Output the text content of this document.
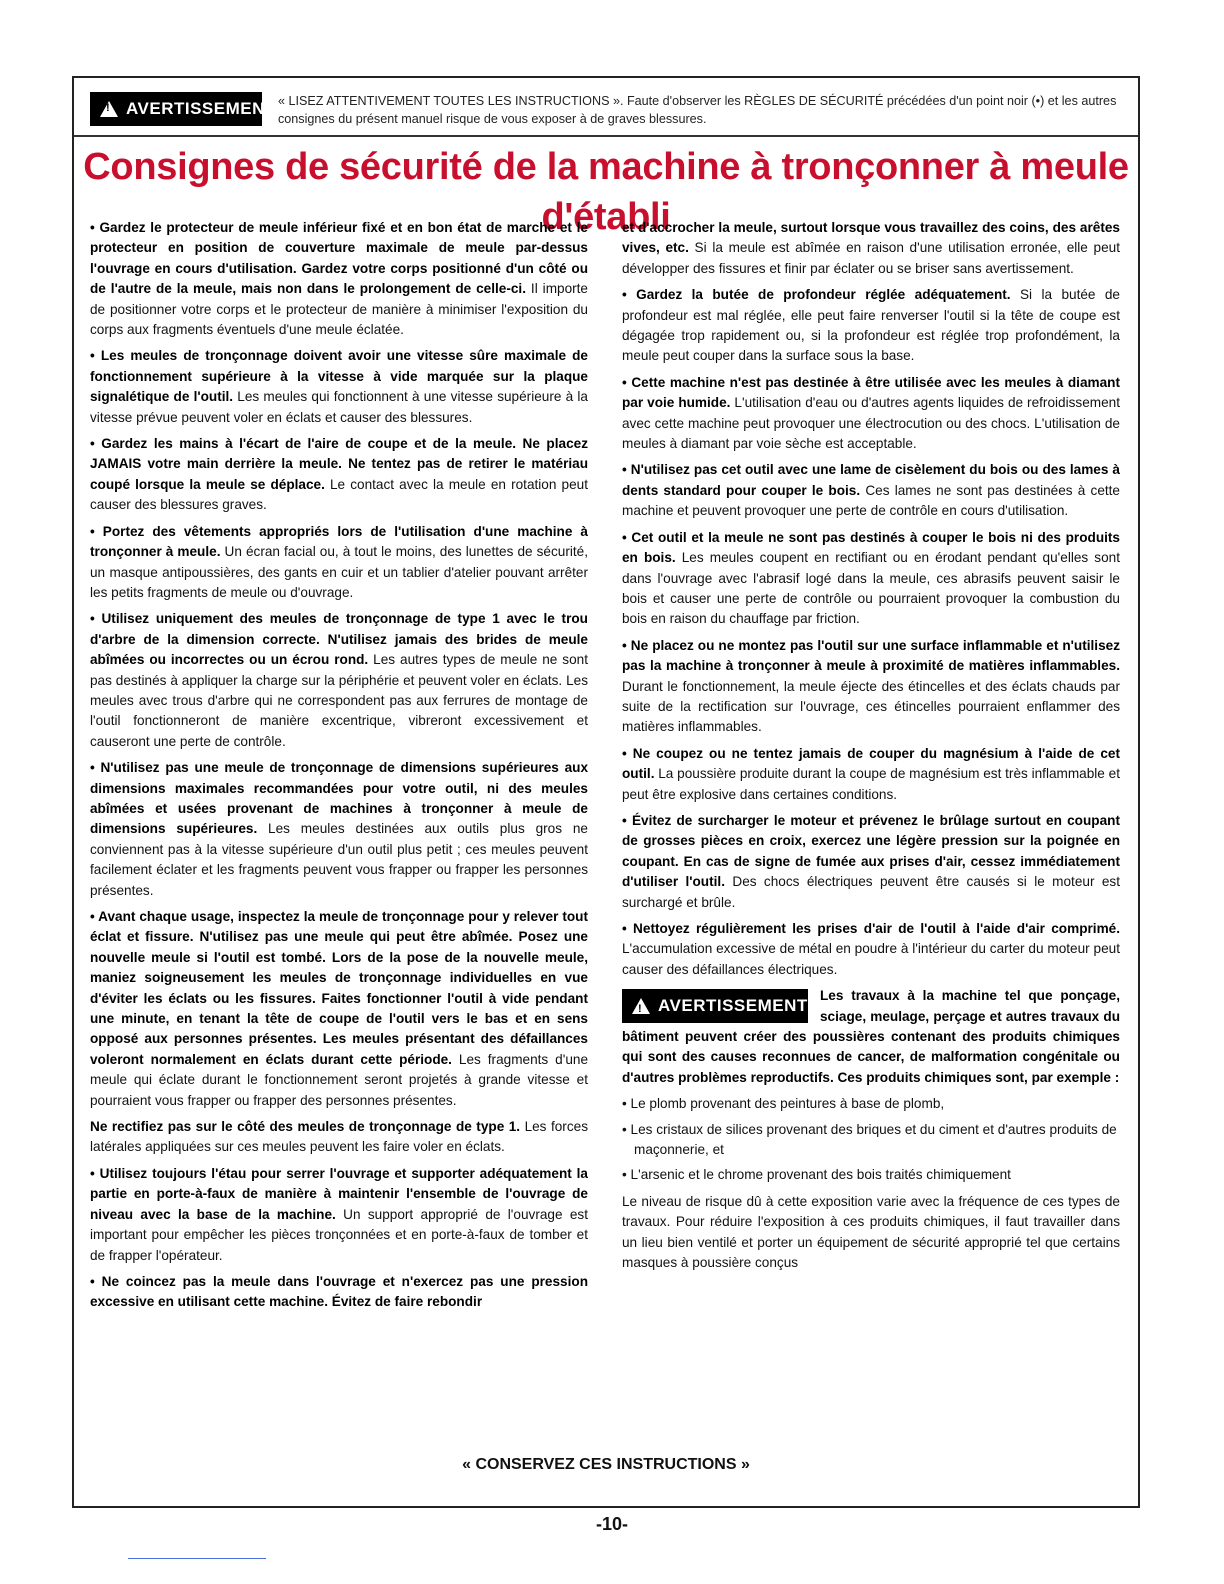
!
AVERTISSEMENT « LISEZ ATTENTIVEMENT TOUTES LES INSTRUCTIONS ». Faute d'observer les RÈGLES DE SÉCURITÉ précédées d'un point noir (•) et les autres consignes du présent manuel risque de vous exposer à de graves blessures.
Consignes de sécurité de la machine à tronçonner à meule d'établi

• Gardez le protecteur de meule inférieur fixé et en bon état de marche et le protecteur en position de couverture maximale de meule par-dessus l'ouvrage en cours d'utilisation. Gardez votre corps positionné d'un côté ou de l'autre de la meule, mais non dans le prolongement de celle-ci. Il importe de positionner votre corps et le protecteur de manière à minimiser l'exposition du corps aux fragments éventuels d'une meule éclatée.

• Les meules de tronçonnage doivent avoir une vitesse sûre maximale de fonctionnement supérieure à la vitesse à vide marquée sur la plaque signalétique de l'outil. Les meules qui fonctionnent à une vitesse supérieure à la vitesse prévue peuvent voler en éclats et causer des blessures.

• Gardez les mains à l'écart de l'aire de coupe et de la meule. Ne placez JAMAIS votre main derrière la meule. Ne tentez pas de retirer le matériau coupé lorsque la meule se déplace. Le contact avec la meule en rotation peut causer des blessures graves.

• Portez des vêtements appropriés lors de l'utilisation d'une machine à tronçonner à meule. Un écran facial ou, à tout le moins, des lunettes de sécurité, un masque antipoussières, des gants en cuir et un tablier d'atelier pouvant arrêter les petits fragments de meule ou d'ouvrage.

• Utilisez uniquement des meules de tronçonnage de type 1 avec le trou d'arbre de la dimension correcte. N'utilisez jamais des brides de meule abîmées ou incorrectes ou un écrou rond. Les autres types de meule ne sont pas destinés à appliquer la charge sur la périphérie et peuvent voler en éclats. Les meules avec trous d'arbre qui ne correspondent pas aux ferrures de montage de l'outil fonctionneront de manière excentrique, vibreront excessivement et causeront une perte de contrôle.

• N'utilisez pas une meule de tronçonnage de dimensions supérieures aux dimensions maximales recommandées pour votre outil, ni des meules abîmées et usées provenant de machines à tronçonner à meule de dimensions supérieures. Les meules destinées aux outils plus gros ne conviennent pas à la vitesse supérieure d'un outil plus petit ; ces meules peuvent facilement éclater et les fragments peuvent vous frapper ou frapper les personnes présentes.

• Avant chaque usage, inspectez la meule de tronçonnage pour y relever tout éclat et fissure. N'utilisez pas une meule qui peut être abîmée. Posez une nouvelle meule si l'outil est tombé. Lors de la pose de la nouvelle meule, maniez soigneusement les meules de tronçonnage individuelles en vue d'éviter les éclats ou les fissures. Faites fonctionner l'outil à vide pendant une minute, en tenant la tête de coupe de l'outil vers le bas et en sens opposé aux personnes présentes. Les meules présentant des défaillances voleront normalement en éclats durant cette période. Les fragments d'une meule qui éclate durant le fonctionnement seront projetés à grande vitesse et pourraient vous frapper ou frapper des personnes présentes.

Ne rectifiez pas sur le côté des meules de tronçonnage de type 1. Les forces latérales appliquées sur ces meules peuvent les faire voler en éclats.

• Utilisez toujours l'étau pour serrer l'ouvrage et supporter adéquatement la partie en porte-à-faux de manière à maintenir l'ensemble de l'ouvrage de niveau avec la base de la machine. Un support approprié de l'ouvrage est important pour empêcher les pièces tronçonnées et en porte-à-faux de tomber et de frapper l'opérateur.

• Ne coincez pas la meule dans l'ouvrage et n'exercez pas une pression excessive en utilisant cette machine. Évitez de faire rebondir

et d'accrocher la meule, surtout lorsque vous travaillez des coins, des arêtes vives, etc. Si la meule est abîmée en raison d'une utilisation erronée, elle peut développer des fissures et finir par éclater ou se briser sans avertissement.

• Gardez la butée de profondeur réglée adéquatement. Si la butée de profondeur est mal réglée, elle peut faire renverser l'outil si la tête de coupe est dégagée trop rapidement ou, si la profondeur est réglée trop profondément, la meule peut couper dans la surface sous la base.

• Cette machine n'est pas destinée à être utilisée avec les meules à diamant par voie humide. L'utilisation d'eau ou d'autres agents liquides de refroidissement avec cette machine peut provoquer une électrocution ou des chocs. L'utilisation de meules à diamant par voie sèche est acceptable.

• N'utilisez pas cet outil avec une lame de cisèlement du bois ou des lames à dents standard pour couper le bois. Ces lames ne sont pas destinées à cette machine et peuvent provoquer une perte de contrôle en cours d'utilisation.

• Cet outil et la meule ne sont pas destinés à couper le bois ni des produits en bois. Les meules coupent en rectifiant ou en érodant pendant qu'elles sont dans l'ouvrage avec l'abrasif logé dans la meule, ces abrasifs peuvent saisir le bois et causer une perte de contrôle ou pourraient provoquer la combustion du bois en raison du chauffage par friction.

• Ne placez ou ne montez pas l'outil sur une surface inflammable et n'utilisez pas la machine à tronçonner à meule à proximité de matières inflammables. Durant le fonctionnement, la meule éjecte des étincelles et des éclats chauds par suite de la rectification sur l'ouvrage, ces étincelles pourraient enflammer des matières inflammables.

• Ne coupez ou ne tentez jamais de couper du magnésium à l'aide de cet outil. La poussière produite durant la coupe de magnésium est très inflammable et peut être explosive dans certaines conditions.

• Évitez de surcharger le moteur et prévenez le brûlage surtout en coupant de grosses pièces en croix, exercez une légère pression sur la poignée en coupant. En cas de signe de fumée aux prises d'air, cessez immédiatement d'utiliser l'outil. Des chocs électriques peuvent être causés si le moteur est surchargé et brûle.

• Nettoyez régulièrement les prises d'air de l'outil à l'aide d'air comprimé. L'accumulation excessive de métal en poudre à l'intérieur du carter du moteur peut causer des défaillances électriques.

!
AVERTISSEMENT
Les travaux à la machine tel que ponçage, sciage, meulage, perçage et autres travaux du bâtiment peuvent créer des poussières contenant des produits chimiques qui sont des causes reconnues de cancer, de malformation congénitale ou d'autres problèmes reproductifs. Ces produits chimiques sont, par exemple :

• Le plomb provenant des peintures à base de plomb,
• Les cristaux de silices provenant des briques et du ciment et d'autres produits de maçonnerie, et
• L'arsenic et le chrome provenant des bois traités chimiquement

Le niveau de risque dû à cette exposition varie avec la fréquence de ces types de travaux. Pour réduire l'exposition à ces produits chimiques, il faut travailler dans un lieu bien ventilé et porter un équipement de sécurité approprié tel que certains masques à poussière conçus

« CONSERVEZ CES INSTRUCTIONS »
-10-
